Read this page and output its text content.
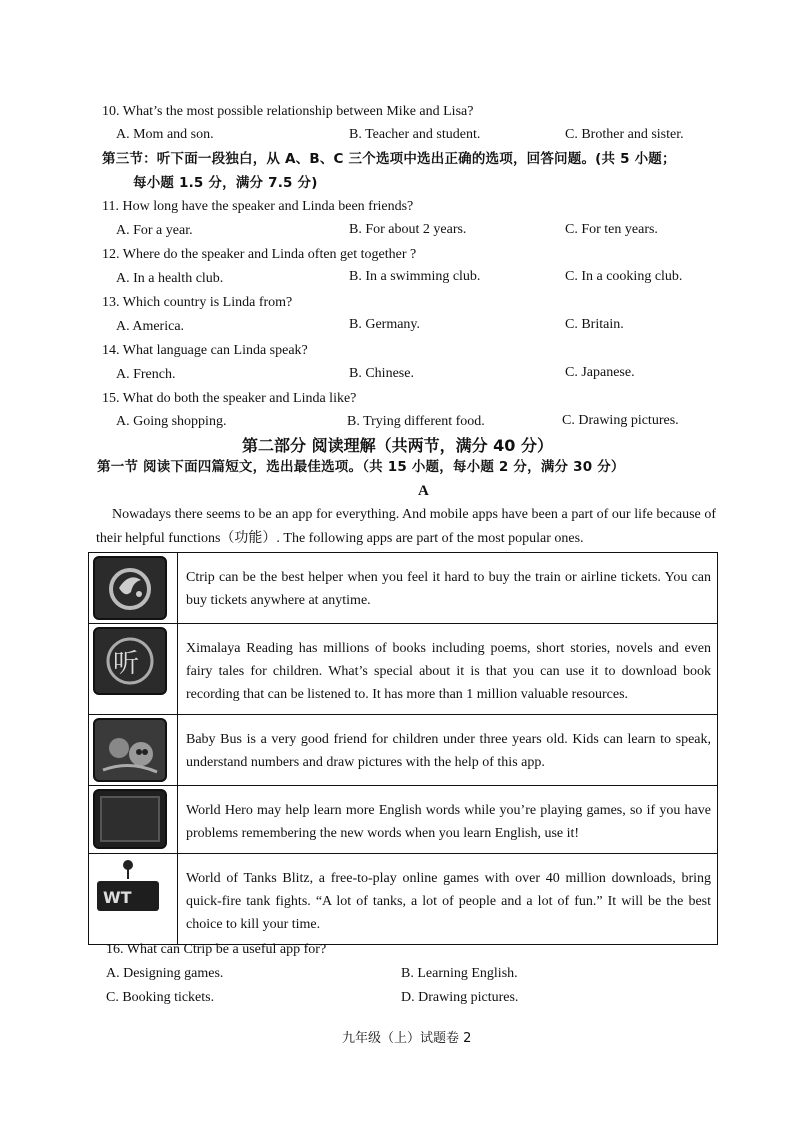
10. What’s the most possible relationship between Mike and Lisa?
A. Mom and son.	B. Teacher and student.	C. Brother and sister.
第三节：听下面一段独白，从 A、B、C 三个选项中选出正确的选项，回答问题。(共 5 小题；
每小题 1.5 分，满分 7.5 分)
11. How long have the speaker and Linda been friends?
A. For a year.	B. For about 2 years.	C. For ten years.
12. Where do the speaker and Linda often get together ?
A. In a health club.	B. In a swimming club.	C. In a cooking club.
13. Which country is Linda from?
A. America.	B. Germany.	C. Britain.
14. What language can Linda speak?
A. French.	B. Chinese.	C. Japanese.
15. What do both the speaker and Linda like?
A. Going shopping.	B. Trying different food.	C. Drawing pictures.
第二部分 阅读理解（共两节，满分 40 分）
第一节 阅读下面四篇短文，选出最佳选项。（共 15 小题，每小题 2 分，满分 30 分）
A
Nowadays there seems to be an app for everything. And mobile apps have been a part of our life because of their helpful functions（功能）. The following apps are part of the most popular ones.
	Ctrip can be the best helper when you feel it hard to buy the train or airline tickets. You can buy tickets anywhere at anytime.

听	Ximalaya Reading has millions of books including poems, short stories, novels and even fairy tales for children. What’s special about it is that you can use it to download book recording that can be listened to. It has more than 1 million valuable resources.

	Baby Bus is a very good friend for children under three years old. Kids can learn to speak, understand numbers and draw pictures with the help of this app.

	World Hero may help learn more English words while you’re playing games, so if you have problems remembering the new words when you learn English, use it!

WT	World of Tanks Blitz, a free-to-play online games with over 40 million downloads, bring quick-fire tank fights. “A lot of tanks, a lot of people and a lot of fun.” It will be the best choice to kill your time.
16. What can Ctrip be a useful app for?
A. Designing games.	B. Learning English.
C. Booking tickets.	D. Drawing pictures.
九年级（上）试题卷 2
